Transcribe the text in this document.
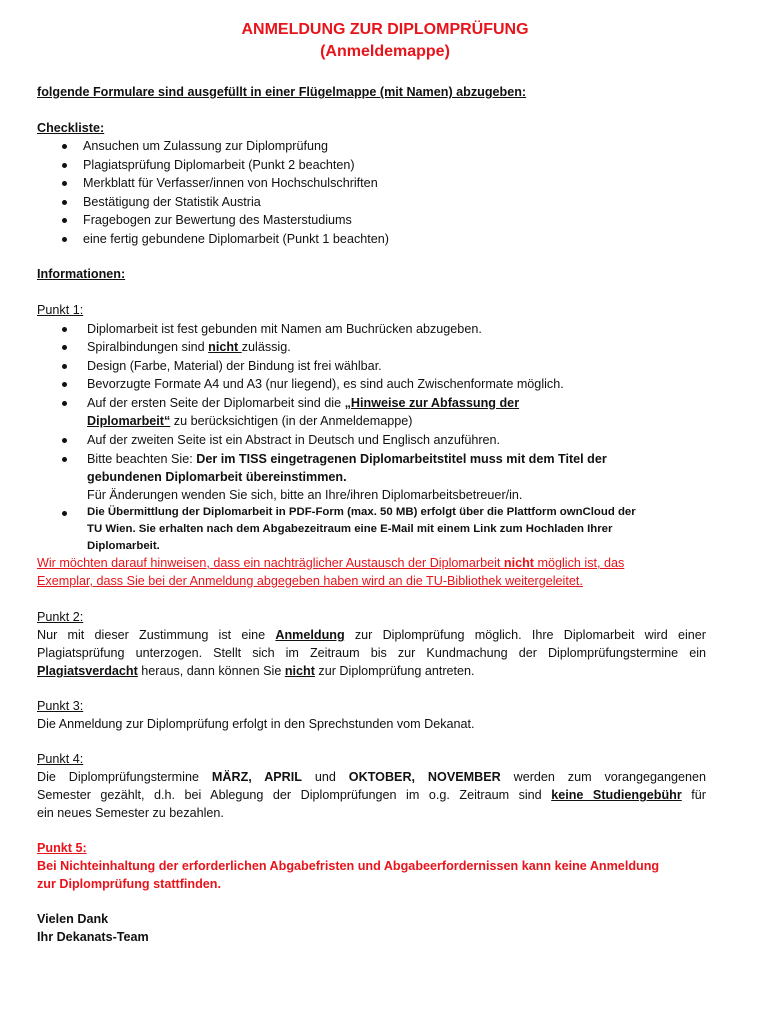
ANMELDUNG ZUR DIPLOMPRÜFUNG
(Anmeldemappe)

folgende Formulare sind ausgefüllt in einer Flügelmappe (mit Namen) abzugeben:

Checkliste:

Ansuchen um Zulassung zur Diplomprüfung

Plagiatsprüfung Diplomarbeit (Punkt 2 beachten)

Merkblatt für Verfasser/innen von Hochschulschriften

Bestätigung der Statistik Austria

Fragebogen zur Bewertung des Masterstudiums

eine fertig gebundene Diplomarbeit (Punkt 1 beachten)

Informationen:

Punkt 1:

Diplomarbeit ist fest gebunden mit Namen am Buchrücken abzugeben.

Spiralbindungen sind nicht zulässig.

Design (Farbe, Material) der Bindung ist frei wählbar.

Bevorzugte Formate A4 und A3 (nur liegend), es sind auch Zwischenformate möglich.

Auf der ersten Seite der Diplomarbeit sind die „Hinweise zur Abfassung der

Diplomarbeit“ zu berücksichtigen (in der Anmeldemappe)

Auf der zweiten Seite ist ein Abstract in Deutsch und Englisch anzuführen.

Bitte beachten Sie: Der im TISS eingetragenen Diplomarbeitstitel muss mit dem Titel der

gebundenen Diplomarbeit übereinstimmen.

Für Änderungen wenden Sie sich, bitte an Ihre/ihren Diplomarbeitsbetreuer/in.

Die Übermittlung der Diplomarbeit in PDF-Form (max. 50 MB) erfolgt über die Plattform ownCloud der

TU Wien. Sie erhalten nach dem Abgabezeitraum eine E-Mail mit einem Link zum Hochladen Ihrer

Diplomarbeit.

Wir möchten darauf hinweisen, dass ein nachträglicher Austausch der Diplomarbeit nicht möglich ist, das

Exemplar, dass Sie bei der Anmeldung abgegeben haben wird an die TU-Bibliothek weitergeleitet.

Punkt 2:

Nur mit dieser Zustimmung ist eine Anmeldung zur Diplomprüfung möglich. Ihre Diplomarbeit wird einer

Plagiatsprüfung unterzogen. Stellt sich im Zeitraum bis zur Kundmachung der Diplomprüfungstermine ein

Plagiatsverdacht heraus, dann können Sie nicht zur Diplomprüfung antreten.

Punkt 3:

Die Anmeldung zur Diplomprüfung erfolgt in den Sprechstunden vom Dekanat.

Punkt 4:

Die Diplomprüfungstermine MÄRZ, APRIL und OKTOBER, NOVEMBER werden zum vorangegangenen

Semester gezählt, d.h. bei Ablegung der Diplomprüfungen im o.g. Zeitraum sind keine Studiengebühr für

ein neues Semester zu bezahlen.

Punkt 5:

Bei Nichteinhaltung der erforderlichen Abgabefristen und Abgabeerfordernissen kann keine Anmeldung

zur Diplomprüfung stattfinden.

Vielen Dank

Ihr Dekanats-Team
